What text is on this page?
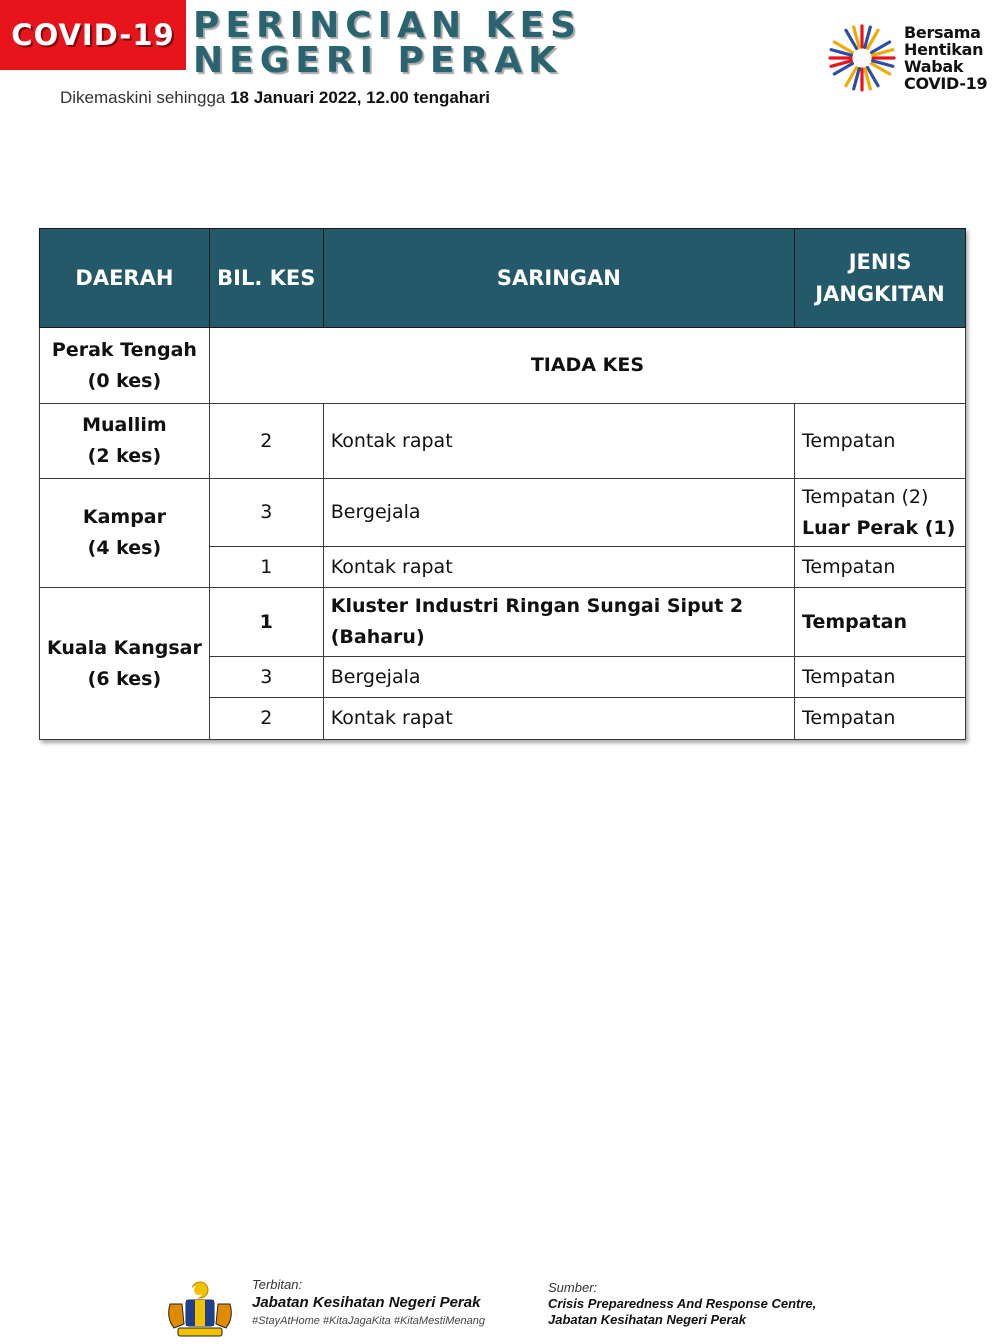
COVID-19 PERINCIAN KES
NEGERI PERAK
Dikemaskini sehingga 18 Januari 2022, 12.00 tengahari
Bersama
Hentikan
Wabak
COVID-19
DAERAH	BIL. KES	SARINGAN	JENIS
JANGKITAN

Perak Tengah
(0 kes)	TIADA KES		

Muallim
(2 kes)	2	Kontak rapat	Tempatan

Kampar
(4 kes)	3	Bergejala	Tempatan (2)
Luar Perak (1)

	1	Kontak rapat	Tempatan

Kuala Kangsar
(6 kes)	1	Kluster Industri Ringan Sungai Siput 2
(Baharu)	Tempatan
	3	Bergejala	Tempatan
	2	Kontak rapat	Tempatan
Terbitan:
Jabatan Kesihatan Negeri Perak
#StayAtHome #KitaJagaKita #KitaMestiMenang
Sumber:
Crisis Preparedness And Response Centre,
Jabatan Kesihatan Negeri Perak
